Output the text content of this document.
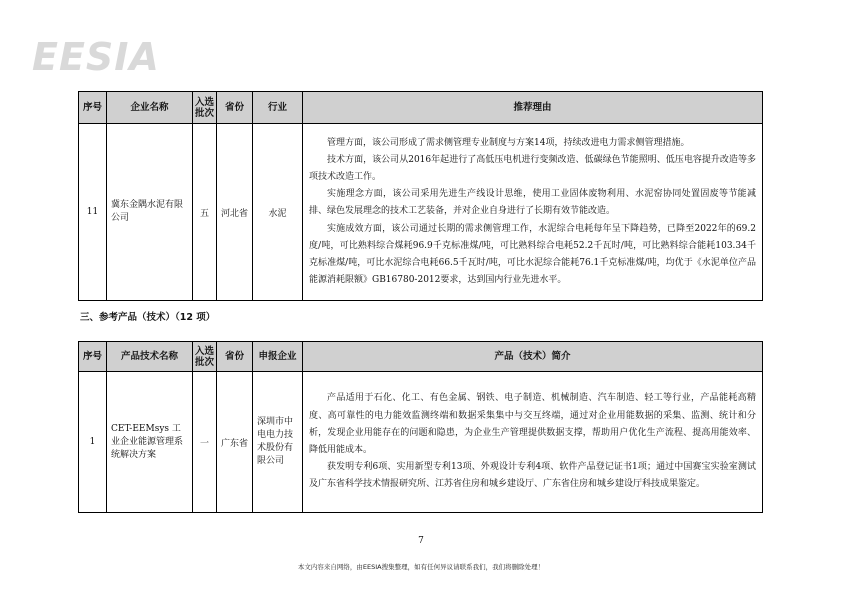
EESIA
序号	企业名称	入选批次	省份	行业	推荐理由
11	冀东金隅水泥有限公司	五	河北省	水泥	管理方面，该公司形成了需求侧管理专业制度与方案14项，持续改进电力需求侧管理措施。

技术方面，该公司从2016年起进行了高低压电机进行变频改造、低碳绿色节能照明、低压电容提升改造等多项技术改造工作。

实施理念方面，该公司采用先进生产线设计思维，使用工业固体废物利用、水泥窑协同处置固废等节能减排、绿色发展理念的技术工艺装备，并对企业自身进行了长期有效节能改造。

实施成效方面，该公司通过长期的需求侧管理工作，水泥综合电耗每年呈下降趋势，已降至2022年的69.2度/吨，可比熟料综合煤耗96.9千克标准煤/吨，可比熟料综合电耗52.2千瓦时/吨，可比熟料综合能耗103.34千克标准煤/吨，可比水泥综合电耗66.5千瓦时/吨，可比水泥综合能耗76.1千克标准煤/吨，均优于《水泥单位产品能源消耗限额》GB16780-2012要求，达到国内行业先进水平。

三、参考产品（技术）（12 项）
序号	产品技术名称	入选批次	省份	申报企业	产品（技术）简介
1	CET-EEMsys 工业企业能源管理系统解决方案	一	广东省	深圳市中电电力技术股份有限公司	产品适用于石化、化工、有色金属、钢铁、电子制造、机械制造、汽车制造、轻工等行业，产品能耗高精度、高可靠性的电力能效监测终端和数据采集集中与交互终端，通过对企业用能数据的采集、监测、统计和分析，发现企业用能存在的问题和隐患，为企业生产管理提供数据支撑，帮助用户优化生产流程、提高用能效率、降低用能成本。

获发明专利6项、实用新型专利13项、外观设计专利4项、软件产品登记证书1项；通过中国赛宝实验室测试及广东省科学技术情报研究所、江苏省住房和城乡建设厅、广东省住房和城乡建设厅科技成果鉴定。

7
本文内容来自网络，由EESIA搜集整理，如有任何异议请联系我们，我们将删除处理！
